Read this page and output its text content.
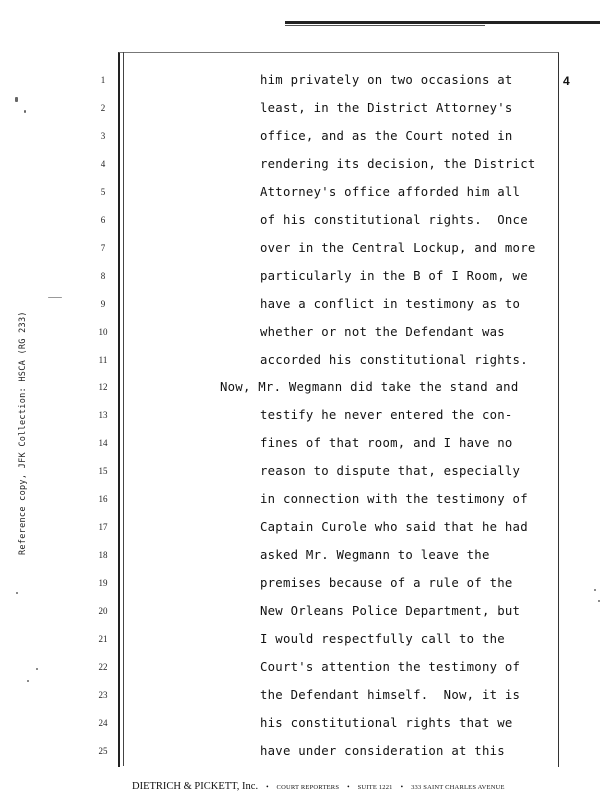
4
Reference copy, JFK Collection: HSCA (RG 233)
1	him privately on two occasions at
2	least, in the District Attorney's
3	office, and as the Court noted in
4	rendering its decision, the District
5	Attorney's office afforded him all
6	of his constitutional rights.  Once
7	over in the Central Lockup, and more
8	particularly in the B of I Room, we
9	have a conflict in testimony as to
10	whether or not the Defendant was
11	accorded his constitutional rights.
12	Now, Mr. Wegmann did take the stand and
13	testify he never entered the con-
14	fines of that room, and I have no
15	reason to dispute that, especially
16	in connection with the testimony of
17	Captain Curole who said that he had
18	asked Mr. Wegmann to leave the
19	premises because of a rule of the
20	New Orleans Police Department, but
21	I would respectfully call to the
22	Court's attention the testimony of
23	the Defendant himself.  Now, it is
24	his constitutional rights that we
25	have under consideration at this
DIETRICH & PICKETT, Inc. • COURT REPORTERS • SUITE 1221 • 333 SAINT CHARLES AVENUE
